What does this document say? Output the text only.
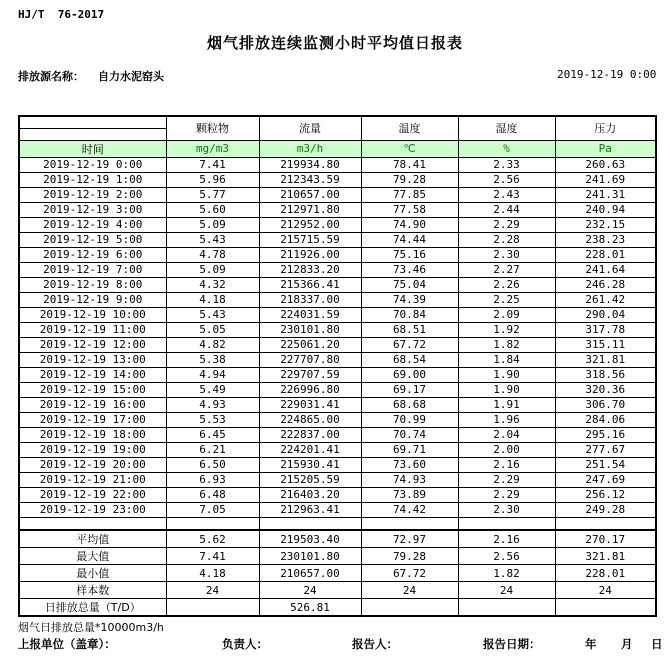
HJ/T  76-2017
烟气排放连续监测小时平均值日报表
排放源名称： 自力水泥窑头	2019-12-19 0:00
	颗粒物	流量	温度	湿度	压力

时间	mg/m3	m3/h	℃	%	Pa
2019-12-19 0:00	7.41	219934.80	78.41	2.33	260.63
2019-12-19 1:00	5.96	212343.59	79.28	2.56	241.69
2019-12-19 2:00	5.77	210657.00	77.85	2.43	241.31
2019-12-19 3:00	5.60	212971.80	77.58	2.44	240.94
2019-12-19 4:00	5.09	212952.00	74.90	2.29	232.15
2019-12-19 5:00	5.43	215715.59	74.44	2.28	238.23
2019-12-19 6:00	4.78	211926.00	75.16	2.30	228.01
2019-12-19 7:00	5.09	212833.20	73.46	2.27	241.64
2019-12-19 8:00	4.32	215366.41	75.04	2.26	246.28
2019-12-19 9:00	4.18	218337.00	74.39	2.25	261.42
2019-12-19 10:00	5.43	224031.59	70.84	2.09	290.04
2019-12-19 11:00	5.05	230101.80	68.51	1.92	317.78
2019-12-19 12:00	4.82	225061.20	67.72	1.82	315.11
2019-12-19 13:00	5.38	227707.80	68.54	1.84	321.81
2019-12-19 14:00	4.94	229707.59	69.00	1.90	318.56
2019-12-19 15:00	5.49	226996.80	69.17	1.90	320.36
2019-12-19 16:00	4.93	229031.41	68.68	1.91	306.70
2019-12-19 17:00	5.53	224865.00	70.99	1.96	284.06
2019-12-19 18:00	6.45	222837.00	70.74	2.04	295.16
2019-12-19 19:00	6.21	224201.41	69.71	2.00	277.67
2019-12-19 20:00	6.50	215930.41	73.60	2.16	251.54
2019-12-19 21:00	6.93	215205.59	74.93	2.29	247.69
2019-12-19 22:00	6.48	216403.20	73.89	2.29	256.12
2019-12-19 23:00	7.05	212963.41	74.42	2.30	249.28

平均值	5.62	219503.40	72.97	2.16	270.17
最大值	7.41	230101.80	79.28	2.56	321.81
最小值	4.18	210657.00	67.72	1.82	228.01
样本数	24	24	24	24	24
日排放总量（T/D）		526.81			
烟气日排放总量*10000m3/h
上报单位（盖章）：	负责人：	报告人：	报告日期：	年 月 日
